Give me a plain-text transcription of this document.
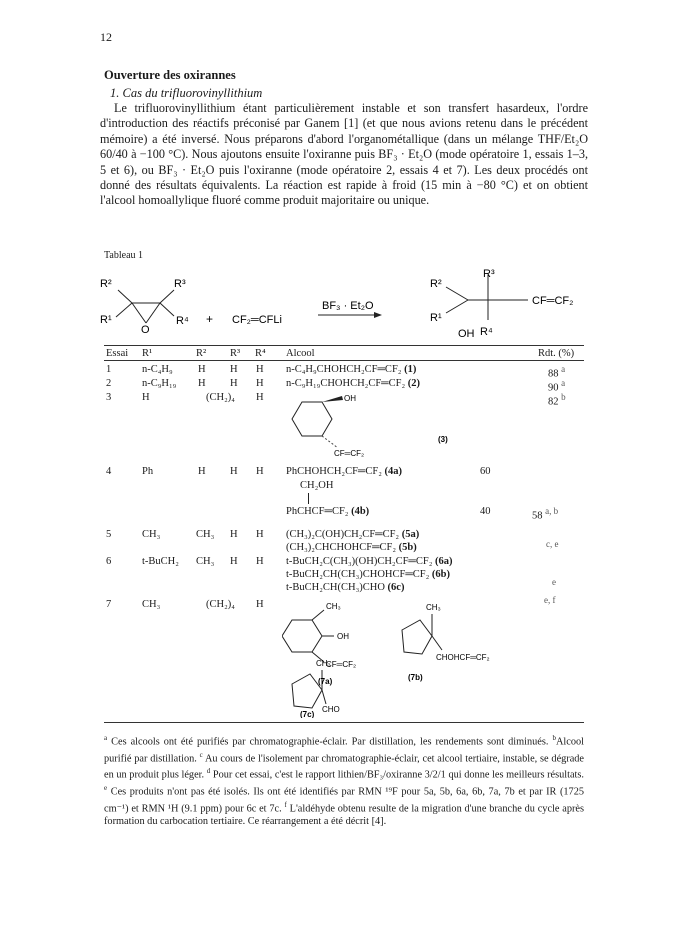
12
Ouverture des oxirannes
1. Cas du trifluorovinyllithium

Le trifluorovinyllithium étant particulièrement instable et son transfert hasardeux, l'ordre d'introduction des réactifs préconisé par Ganem [1] (et que nous avions retenu dans le précédent mémoire) a été inversé. Nous préparons d'abord l'organométallique (dans un mélange THF/Et₂O 60/40 à −100 °C). Nous ajoutons ensuite l'oxiranne puis BF₃ · Et₂O (mode opératoire 1, essais 1–3, 5 et 6), ou BF₃ · Et₂O puis l'oxiranne (mode opératoire 2, essais 4 et 7). Les deux procédés ont donné des résultats équivalents. La réaction est rapide à froid (15 min à −80 °C) et on obtient l'alcool homoallylique fluoré comme produit majoritaire ou unique.

Tableau 1
R²	R³
R¹	R⁴
O
+ CF₂═CFLi
BF₃ · Et₂O
R²
R³
R¹
OH R⁴
CF═CF₂
Essai R¹	R² R³ R⁴ Alcool	Rdt. (%)
1	n-C₄H₉ H H H n-C₄H₉CHOHCH₂CF═CF₂ (1)	88 $^a$
2	n-C₉H₁₉ H H H n-C₉H₁₉CHOHCH₂CF═CF₂ (2)	90 $^a$
3	H	(CH₂)₄ H	82 $^b$
OH
CF═CF₂
(3)
4	Ph	H H H PhCHOHCH₂CF═CF₂ (4a)	60
CH₂OH
PhCHCF═CF₂ (4b)	40	58 $^{a, b}$
5	CH₃	CH₃ H H (CH₃)₂C(OH)CH₂CF═CF₂ (5a)
(CH₃)₂CHCHOHCF═CF₂ (5b)	c, e
6	t-BuCH₂ CH₃ H H t-BuCH₂C(CH₃)(OH)CH₂CF═CF₂ (6a)
t-BuCH₂CH(CH₃)CHOHCF═CF₂ (6b)
t-BuCH₂CH(CH₃)CHO (6c)	e
7	CH₃	(CH₂)₄ H	e, f
CH₃
OH
CF═CF₂
(7a)
CH₃
CHOHCF═CF₂
(7b)
CH₃
CHO
(7c)

$^a$ Ces alcools ont été purifiés par chromatographie-éclair. Par distillation, les rendements sont diminués. $^b$Alcool purifié par distillation. $^c$ Au cours de l'isolement par chromatographie-éclair, cet alcool tertiaire, instable, se dégrade en un produit plus léger. $^d$ Pour cet essai, c'est le rapport lithien/BF₃/oxiranne 3/2/1 qui donne les meilleurs résultats. $^e$ Ces produits n'ont pas été isolés. Ils ont été identifiés par RMN ¹⁹F pour 5a, 5b, 6a, 6b, 7a, 7b et par IR (1725 cm⁻¹) et RMN ¹H (9.1 ppm) pour 6c et 7c. $^f$ L'aldéhyde obtenu resulte de la migration d'une branche du cycle après formation du carbocation tertiaire. Ce réarrangement a été décrit [4].
